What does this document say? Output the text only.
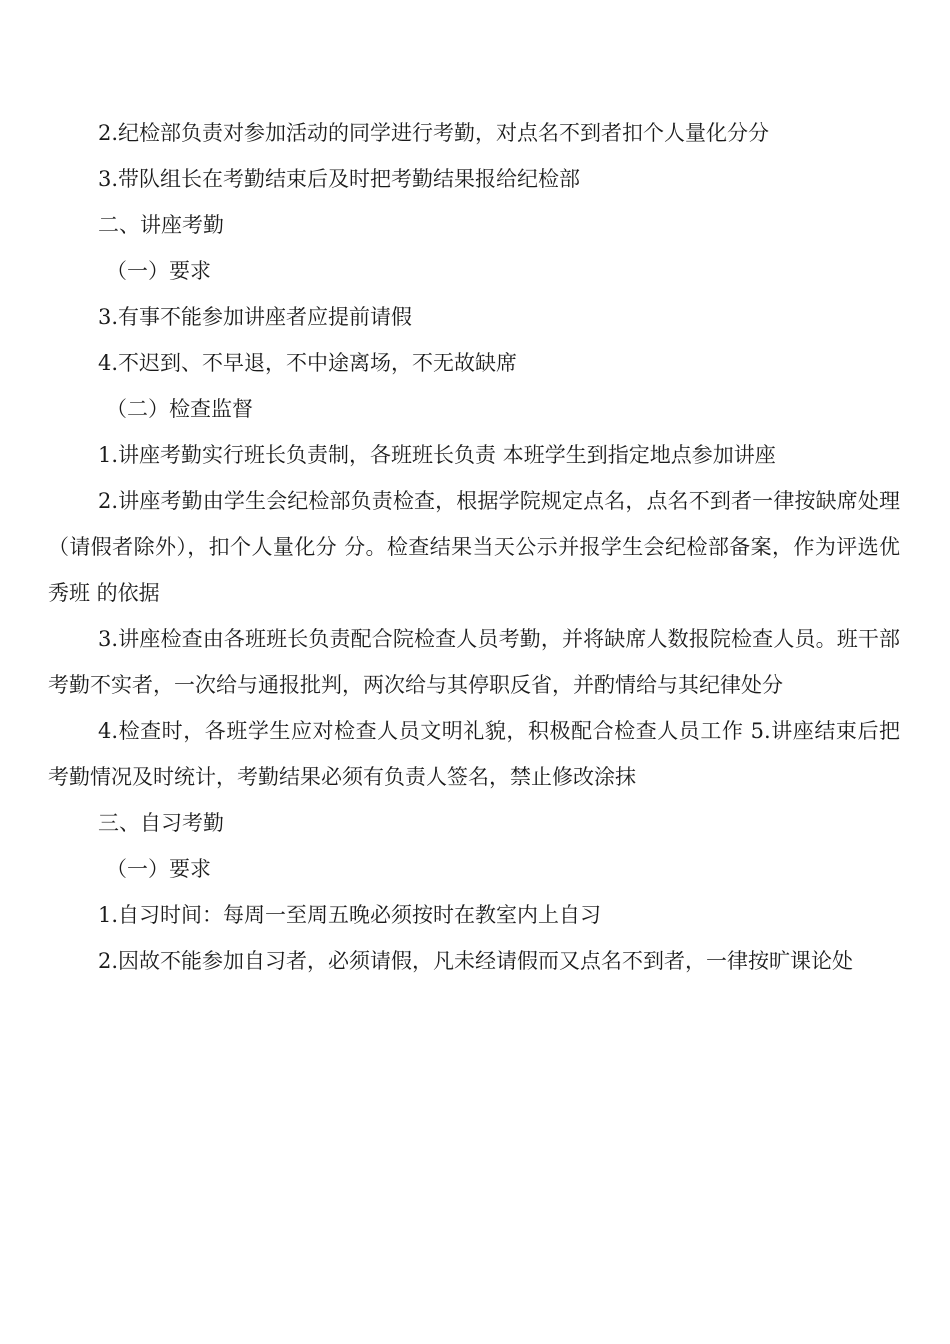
2.纪检部负责对参加活动的同学进行考勤，对点名不到者扣个人量化分分

3.带队组长在考勤结束后及时把考勤结果报给纪检部

二、讲座考勤

（一）要求

3.有事不能参加讲座者应提前请假

4.不迟到、不早退，不中途离场，不无故缺席

（二）检查监督

1.讲座考勤实行班长负责制，各班班长负责 本班学生到指定地点参加讲座

2.讲座考勤由学生会纪检部负责检查，根据学院规定点名，点名不到者一律按缺席处理（请假者除外），扣个人量化分 分。检查结果当天公示并报学生会纪检部备案，作为评选优秀班 的依据

3.讲座检查由各班班长负责配合院检查人员考勤，并将缺席人数报院检查人员。班干部考勤不实者，一次给与通报批判，两次给与其停职反省，并酌情给与其纪律处分

4.检查时，各班学生应对检查人员文明礼貌，积极配合检查人员工作 5.讲座结束后把考勤情况及时统计，考勤结果必须有负责人签名，禁止修改涂抹

三、自习考勤

（一）要求

1.自习时间：每周一至周五晚必须按时在教室内上自习

2.因故不能参加自习者，必须请假，凡未经请假而又点名不到者，一律按旷课论处
